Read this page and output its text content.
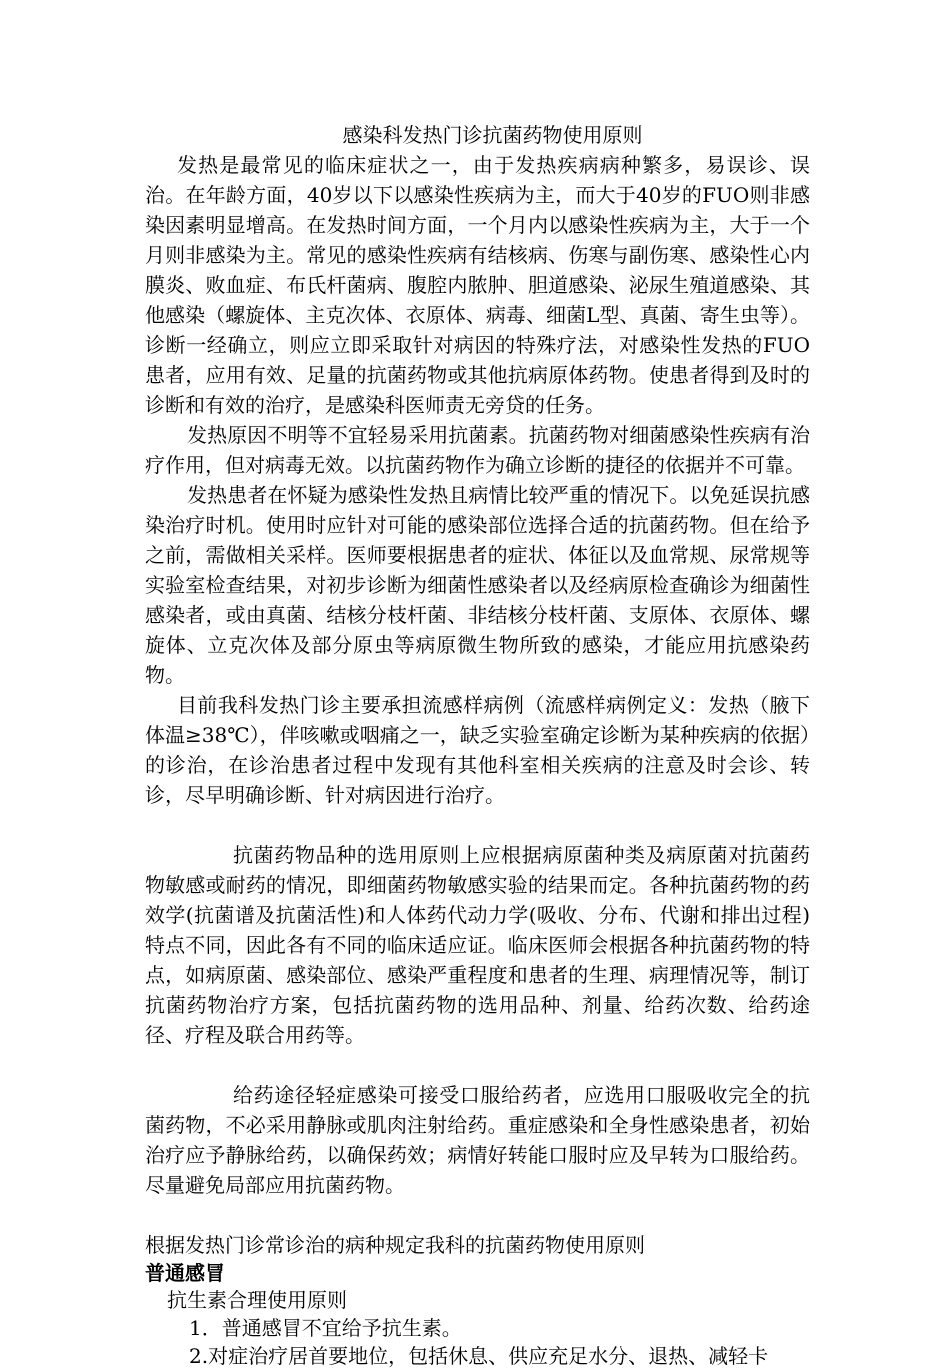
感染科发热门诊抗菌药物使用原则

发热是最常见的临床症状之一，由于发热疾病病种繁多，易误诊、误治。在年龄方面，40岁以下以感染性疾病为主，而大于40岁的FUO则非感染因素明显增高。在发热时间方面，一个月内以感染性疾病为主，大于一个月则非感染为主。常见的感染性疾病有结核病、伤寒与副伤寒、感染性心内膜炎、败血症、布氏杆菌病、腹腔内脓肿、胆道感染、泌尿生殖道感染、其他感染（螺旋体、主克次体、衣原体、病毒、细菌L型、真菌、寄生虫等）。诊断一经确立，则应立即采取针对病因的特殊疗法，对感染性发热的FUO患者，应用有效、足量的抗菌药物或其他抗病原体药物。使患者得到及时的诊断和有效的治疗，是感染科医师责无旁贷的任务。

发热原因不明等不宜轻易采用抗菌素。抗菌药物对细菌感染性疾病有治疗作用，但对病毒无效。以抗菌药物作为确立诊断的捷径的依据并不可靠。

发热患者在怀疑为感染性发热且病情比较严重的情况下。以免延误抗感染治疗时机。使用时应针对可能的感染部位选择合适的抗菌药物。但在给予之前，需做相关采样。医师要根据患者的症状、体征以及血常规、尿常规等实验室检查结果，对初步诊断为细菌性感染者以及经病原检查确诊为细菌性感染者，或由真菌、结核分枝杆菌、非结核分枝杆菌、支原体、衣原体、螺旋体、立克次体及部分原虫等病原微生物所致的感染，才能应用抗感染药物。

目前我科发热门诊主要承担流感样病例（流感样病例定义：发热（腋下体温≥38℃），伴咳嗽或咽痛之一，缺乏实验室确定诊断为某种疾病的依据）的诊治，在诊治患者过程中发现有其他科室相关疾病的注意及时会诊、转诊，尽早明确诊断、针对病因进行治疗。

抗菌药物品种的选用原则上应根据病原菌种类及病原菌对抗菌药物敏感或耐药的情况，即细菌药物敏感实验的结果而定。各种抗菌药物的药效学(抗菌谱及抗菌活性)和人体药代动力学(吸收、分布、代谢和排出过程)特点不同，因此各有不同的临床适应证。临床医师会根据各种抗菌药物的特点，如病原菌、感染部位、感染严重程度和患者的生理、病理情况等，制订抗菌药物治疗方案，包括抗菌药物的选用品种、剂量、给药次数、给药途径、疗程及联合用药等。

给药途径轻症感染可接受口服给药者，应选用口服吸收完全的抗菌药物，不必采用静脉或肌肉注射给药。重症感染和全身性感染患者，初始治疗应予静脉给药，以确保药效；病情好转能口服时应及早转为口服给药。尽量避免局部应用抗菌药物。

根据发热门诊常诊治的病种规定我科的抗菌药物使用原则

普通感冒

抗生素合理使用原则

1．普通感冒不宜给予抗生素。

2.对症治疗居首要地位，包括休息、供应充足水分、退热、减轻卡
